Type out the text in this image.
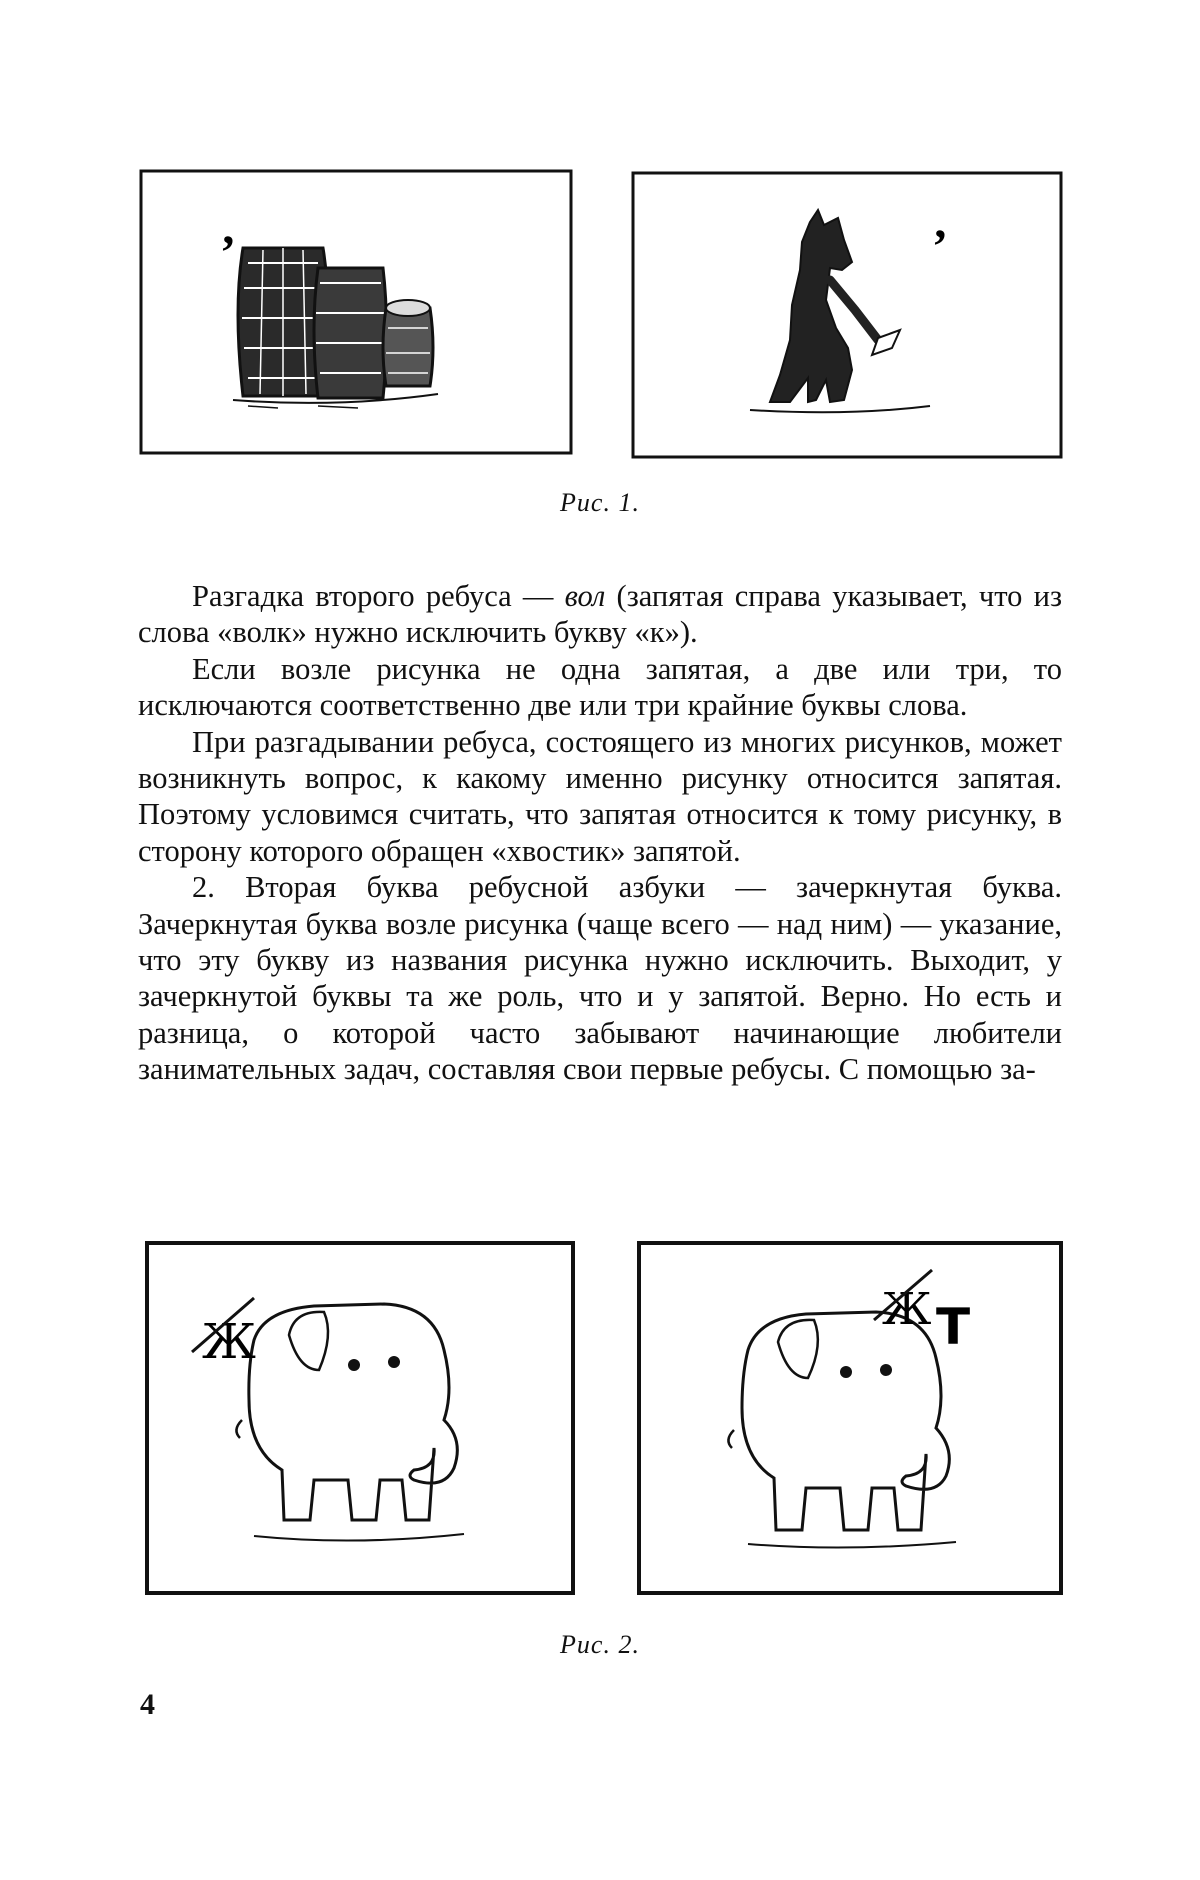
’	’
Рис. 1.

Разгадка второго ребуса — вол (запятая справа указывает, что из слова «волк» нужно исключить букву «к»).

Если возле рисунка не одна запятая, а две или три, то исключаются соответственно две или три крайние буквы слова.

При разгадывании ребуса, состоящего из многих рисунков, может возникнуть вопрос, к какому именно рисунку относится запятая. Поэтому условимся считать, что запятая относится к тому рисунку, в сторону которого обращен «хвостик» запятой.

2. Вторая буква ребусной азбуки — зачеркнутая буква. Зачеркнутая буква возле рисунка (чаще всего — над ним) — указание, что эту букву из названия рисунка нужно исключить. Выходит, у зачеркнутой буквы та же роль, что и у запятой. Верно. Но есть и разница, о которой часто забывают начинающие любители занимательных задач, составляя свои первые ребусы. С помощью за-

Ж
Ж Т
Рис. 2.
4
